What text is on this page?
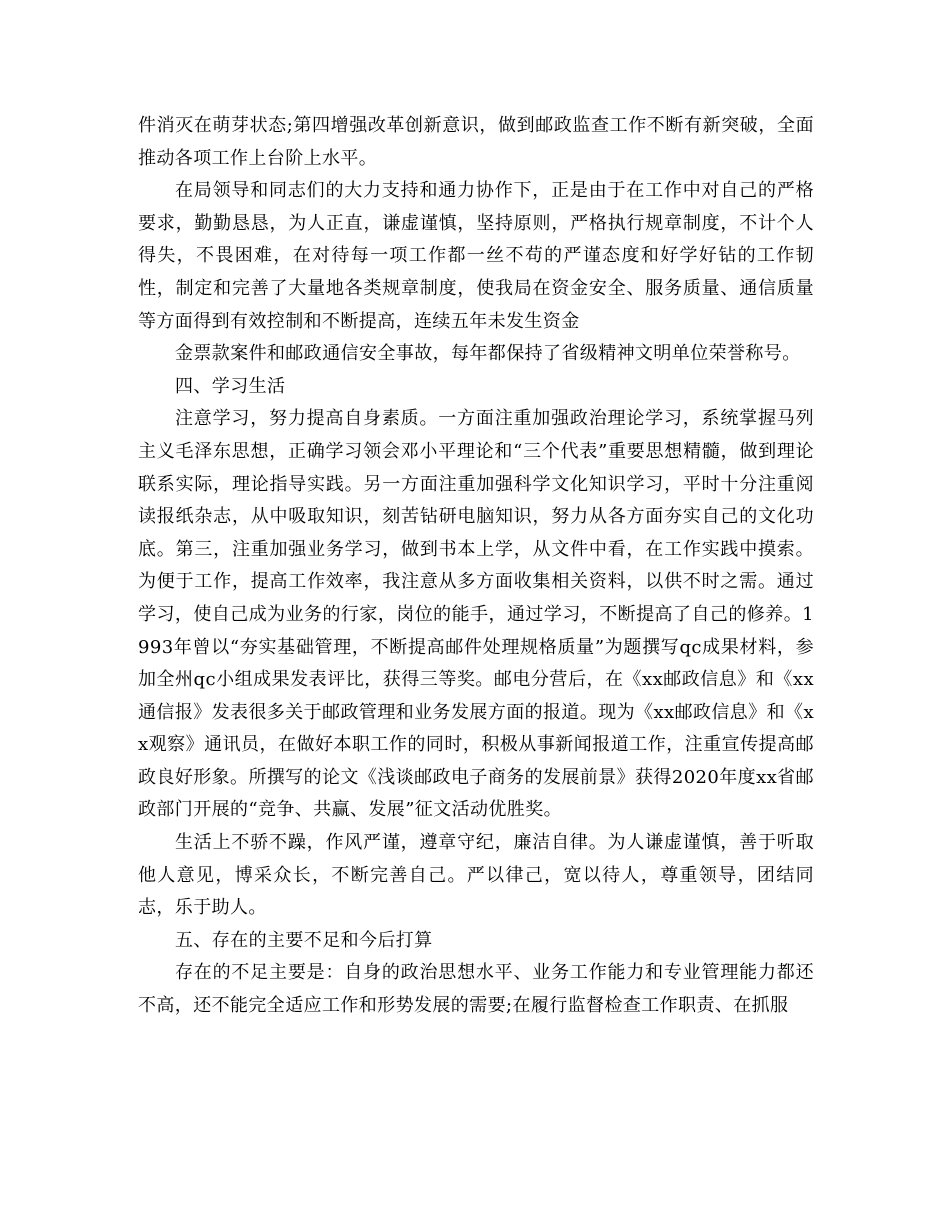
件消灭在萌芽状态;第四增强改革创新意识，做到邮政监查工作不断有新突破，全面推动各项工作上台阶上水平。

在局领导和同志们的大力支持和通力协作下，正是由于在工作中对自己的严格要求，勤勤恳恳，为人正直，谦虚谨慎，坚持原则，严格执行规章制度，不计个人得失，不畏困难，在对待每一项工作都一丝不苟的严谨态度和好学好钻的工作韧性，制定和完善了大量地各类规章制度，使我局在资金安全、服务质量、通信质量等方面得到有效控制和不断提高，连续五年未发生资金

金票款案件和邮政通信安全事故，每年都保持了省级精神文明单位荣誉称号。

四、学习生活

注意学习，努力提高自身素质。一方面注重加强政治理论学习，系统掌握马列主义毛泽东思想，正确学习领会邓小平理论和“三个代表”重要思想精髓，做到理论联系实际，理论指导实践。另一方面注重加强科学文化知识学习，平时十分注重阅读报纸杂志，从中吸取知识，刻苦钻研电脑知识，努力从各方面夯实自己的文化功底。第三，注重加强业务学习，做到书本上学，从文件中看，在工作实践中摸索。为便于工作，提高工作效率，我注意从多方面收集相关资料，以供不时之需。通过学习，使自己成为业务的行家，岗位的能手，通过学习，不断提高了自己的修养。1993年曾以“夯实基础管理，不断提高邮件处理规格质量”为题撰写qc成果材料，参加全州qc小组成果发表评比，获得三等奖。邮电分营后，在《xx邮政信息》和《xx通信报》发表很多关于邮政管理和业务发展方面的报道。现为《xx邮政信息》和《xx观察》通讯员，在做好本职工作的同时，积极从事新闻报道工作，注重宣传提高邮政良好形象。所撰写的论文《浅谈邮政电子商务的发展前景》获得2020年度xx省邮政部门开展的“竞争、共赢、发展”征文活动优胜奖。

生活上不骄不躁，作风严谨，遵章守纪，廉洁自律。为人谦虚谨慎，善于听取他人意见，博采众长，不断完善自己。严以律己，宽以待人，尊重领导，团结同志，乐于助人。

五、存在的主要不足和今后打算

存在的不足主要是：自身的政治思想水平、业务工作能力和专业管理能力都还不高，还不能完全适应工作和形势发展的需要;在履行监督检查工作职责、在抓服
